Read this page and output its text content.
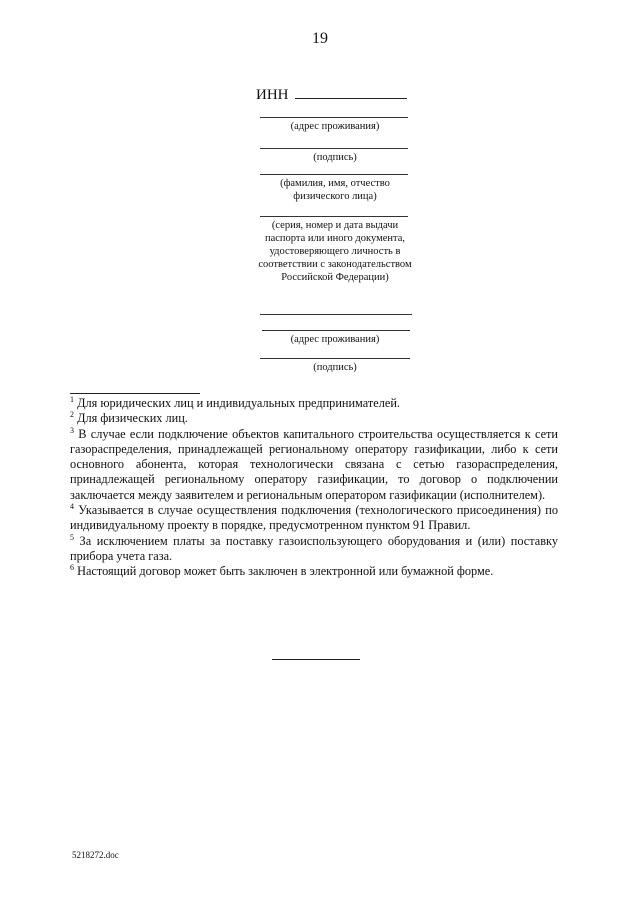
19
ИНН
(адрес проживания)
(подпись)
(фамилия, имя, отчество физического лица)
(серия, номер и дата выдачи паспорта или иного документа, удостоверяющего личность в соответствии с законодательством Российской Федерации)
(адрес проживания)
(подпись)

$^1$ Для юридических лиц и индивидуальных предпринимателей.

$^2$ Для физических лиц.

$^3$ В случае если подключение объектов капитального строительства осуществляется к сети газораспределения, принадлежащей региональному оператору газификации, либо к сети основного абонента, которая технологически связана с сетью газораспределения, принадлежащей региональному оператору газификации, то договор о подключении заключается между заявителем и региональным оператором газификации (исполнителем).

$^4$ Указывается в случае осуществления подключения (технологического присоединения) по индивидуальному проекту в порядке, предусмотренном пунктом 91 Правил.

$^5$ За исключением платы за поставку газоиспользующего оборудования и (или) поставку прибора учета газа.

$^6$ Настоящий договор может быть заключен в электронной или бумажной форме.

5218272.doc
